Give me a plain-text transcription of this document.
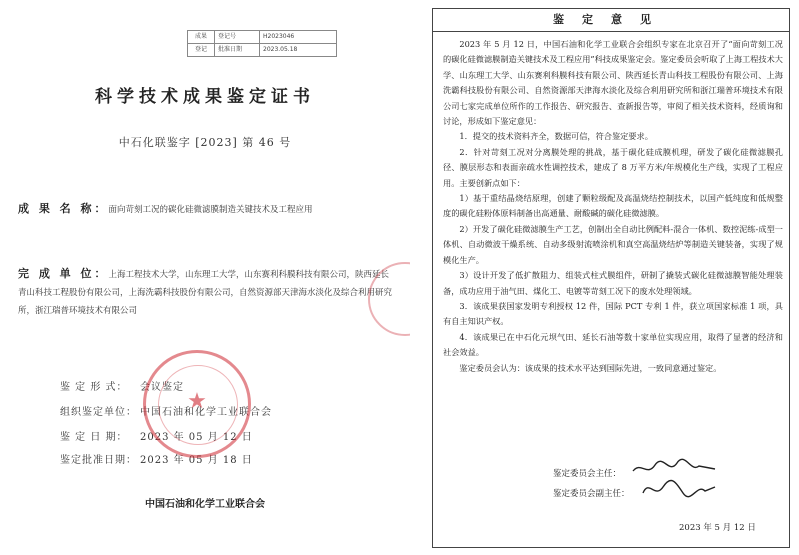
成果	登记号	H2023046
登记	批准日期	2023.05.18
科学技术成果鉴定证书
中石化联鉴字 [2023] 第 46 号
成 果 名 称：面向苛刻工况的碳化硅微滤膜制造关键技术及工程应用
完 成 单 位：上海工程技术大学，山东理工大学，山东赛利科膜科技有限公司，陕西延长青山科技工程股份有限公司，上海洗霸科技股份有限公司，自然资源部天津海水淡化及综合利用研究所，浙江瑞普环境技术有限公司
鉴 定 形 式： 会议鉴定
组织鉴定单位： 中国石油和化学工业联合会
鉴 定 日 期： 2023 年 05 月 12 日
鉴定批准日期： 2023 年 05 月 18 日
★
中国石油和化学工业联合会
鉴定意见

2023 年 5 月 12 日，中国石油和化学工业联合会组织专家在北京召开了“面向苛刻工况的碳化硅微滤膜制造关键技术及工程应用”科技成果鉴定会。鉴定委员会听取了上海工程技术大学、山东理工大学、山东赛利科膜科技有限公司、陕西延长青山科技工程股份有限公司、上海洗霸科技股份有限公司、自然资源部天津海水淡化及综合利用研究所和浙江瑞普环境技术有限公司七家完成单位所作的工作报告、研究报告、查新报告等，审阅了相关技术资料，经质询和讨论，形成如下鉴定意见：

1．提交的技术资料齐全，数据可信，符合鉴定要求。

2．针对苛刻工况对分离膜处理的挑战，基于碳化硅成膜机理，研发了碳化硅微滤膜孔径、膜层形态和表面亲疏水性调控技术，建成了 8 万平方米/年规模化生产线，实现了工程应用。主要创新点如下：

1）基于重结晶烧结原理，创建了颗粒级配及高温烧结控制技术，以国产低纯度和低规整度的碳化硅粉体原料制备出高通量、耐酸碱的碳化硅微滤膜。

2）开发了碳化硅微滤膜生产工艺，创制出全自动比例配料-混合一体机、数控泥练-成型一体机、自动微波干燥系统、自动多级射流喷涂机和真空高温烧结炉等制造关键装备，实现了规模化生产。

3）设计开发了低扩散阻力、组装式柱式膜组件，研制了撬装式碳化硅微滤膜智能处理装备，成功应用于油气田、煤化工、电镀等苛刻工况下的废水处理领域。

3．该成果获国家发明专利授权 12 件，国际 PCT 专利 1 件，获立项国家标准 1 项，具有自主知识产权。

4．该成果已在中石化元坝气田、延长石油等数十家单位实现应用，取得了显著的经济和社会效益。

鉴定委员会认为：该成果的技术水平达到国际先进，一致同意通过鉴定。

鉴定委员会主任：
鉴定委员会副主任：
2023 年 5 月 12 日
